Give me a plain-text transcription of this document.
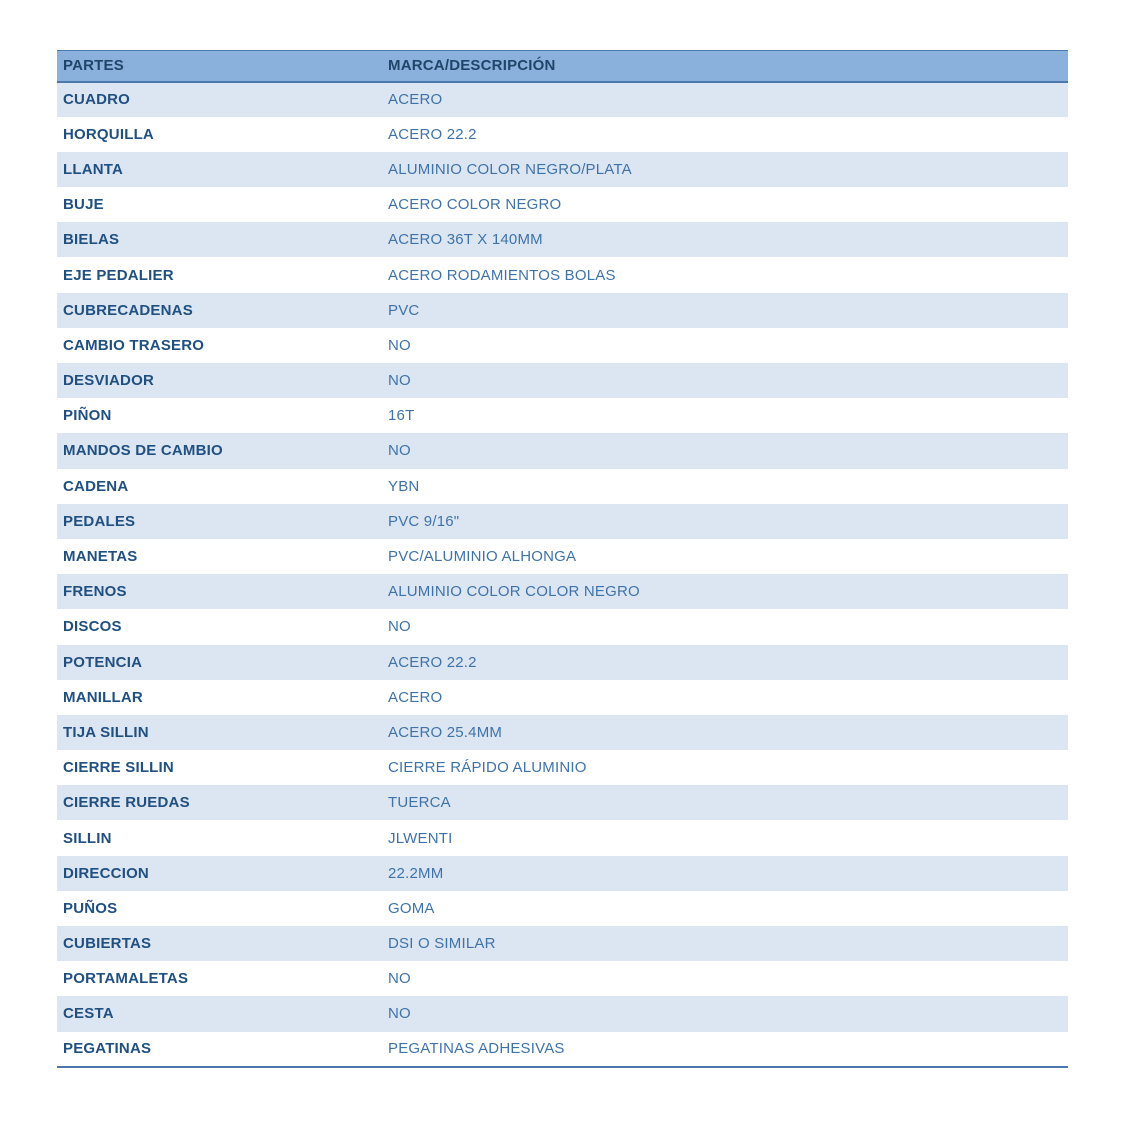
PARTES	MARCA/DESCRIPCIÓN
CUADRO	ACERO
HORQUILLA	ACERO 22.2
LLANTA	ALUMINIO COLOR NEGRO/PLATA
BUJE	ACERO COLOR NEGRO
BIELAS	ACERO 36T X 140MM
EJE PEDALIER	ACERO RODAMIENTOS BOLAS
CUBRECADENAS	PVC
CAMBIO TRASERO	NO
DESVIADOR	NO
PIÑON	16T
MANDOS DE CAMBIO	NO
CADENA	YBN
PEDALES	PVC 9/16"
MANETAS	PVC/ALUMINIO ALHONGA
FRENOS	ALUMINIO COLOR COLOR NEGRO
DISCOS	NO
POTENCIA	ACERO 22.2
MANILLAR	ACERO
TIJA SILLIN	ACERO 25.4MM
CIERRE SILLIN	CIERRE RÁPIDO ALUMINIO
CIERRE RUEDAS	TUERCA
SILLIN	JLWENTI
DIRECCION	22.2MM
PUÑOS	GOMA
CUBIERTAS	DSI O SIMILAR
PORTAMALETAS	NO
CESTA	NO
PEGATINAS	PEGATINAS ADHESIVAS
